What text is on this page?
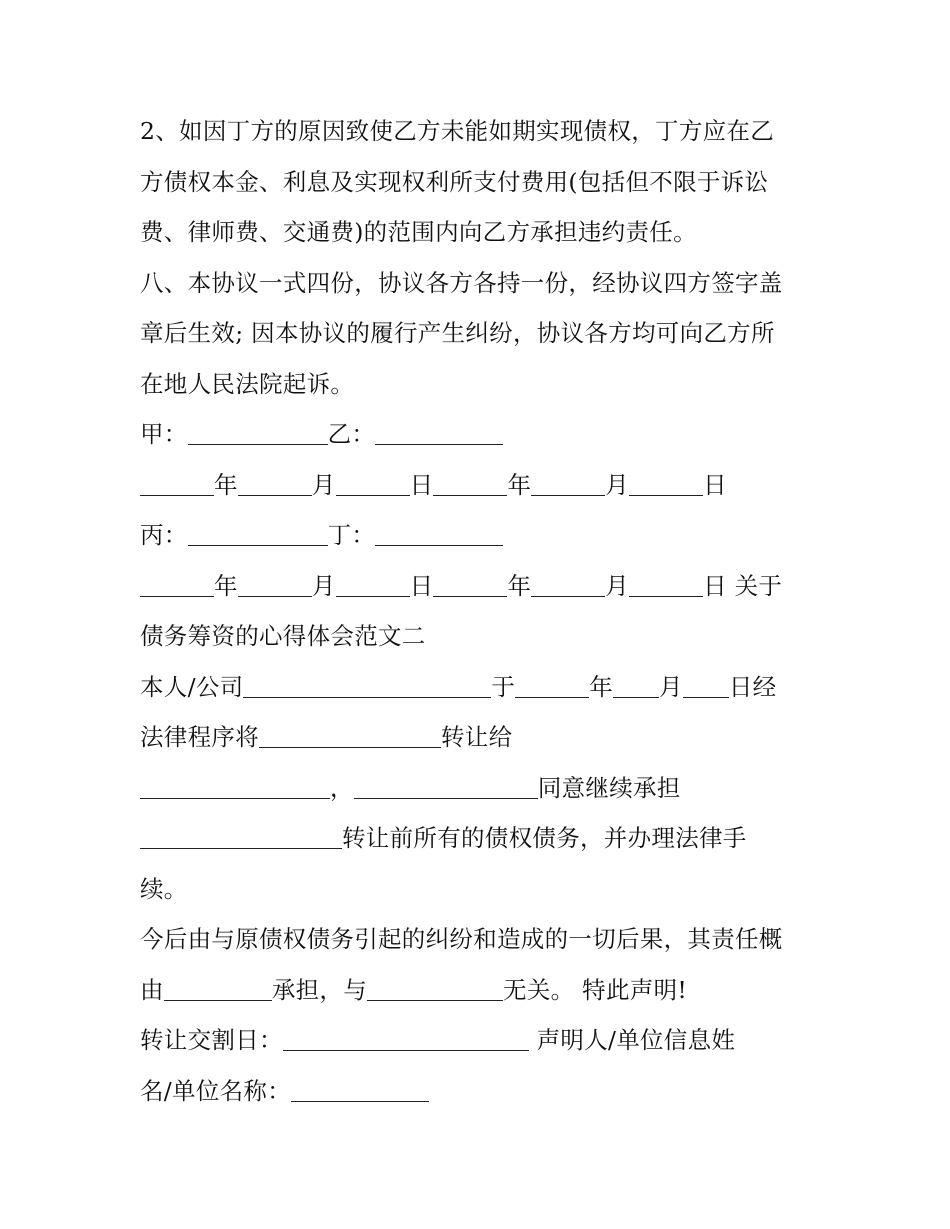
2、如因丁方的原因致使乙方未能如期实现债权，丁方应在乙
方债权本金、利息及实现权利所支付费用(包括但不限于诉讼
费、律师费、交通费)的范围内向乙方承担违约责任。
八、本协议一式四份，协议各方各持一份，经协议四方签字盖
章后生效; 因本协议的履行产生纠纷，协议各方均可向乙方所
在地人民法院起诉。
甲：	乙：
年	月	日	年	月	日
丙：	丁：
年	月	日	年	月	日 关于
债务筹资的心得体会范文二
本人/公司	于	年 月 日经
法律程序将	转让给
，	同意继续承担
转让前所有的债权债务，并办理法律手
续。
今后由与原债权债务引起的纠纷和造成的一切后果，其责任概
由	承担，与	无关。 特此声明!
转让交割日：	声明人/单位信息姓
名/单位名称：
